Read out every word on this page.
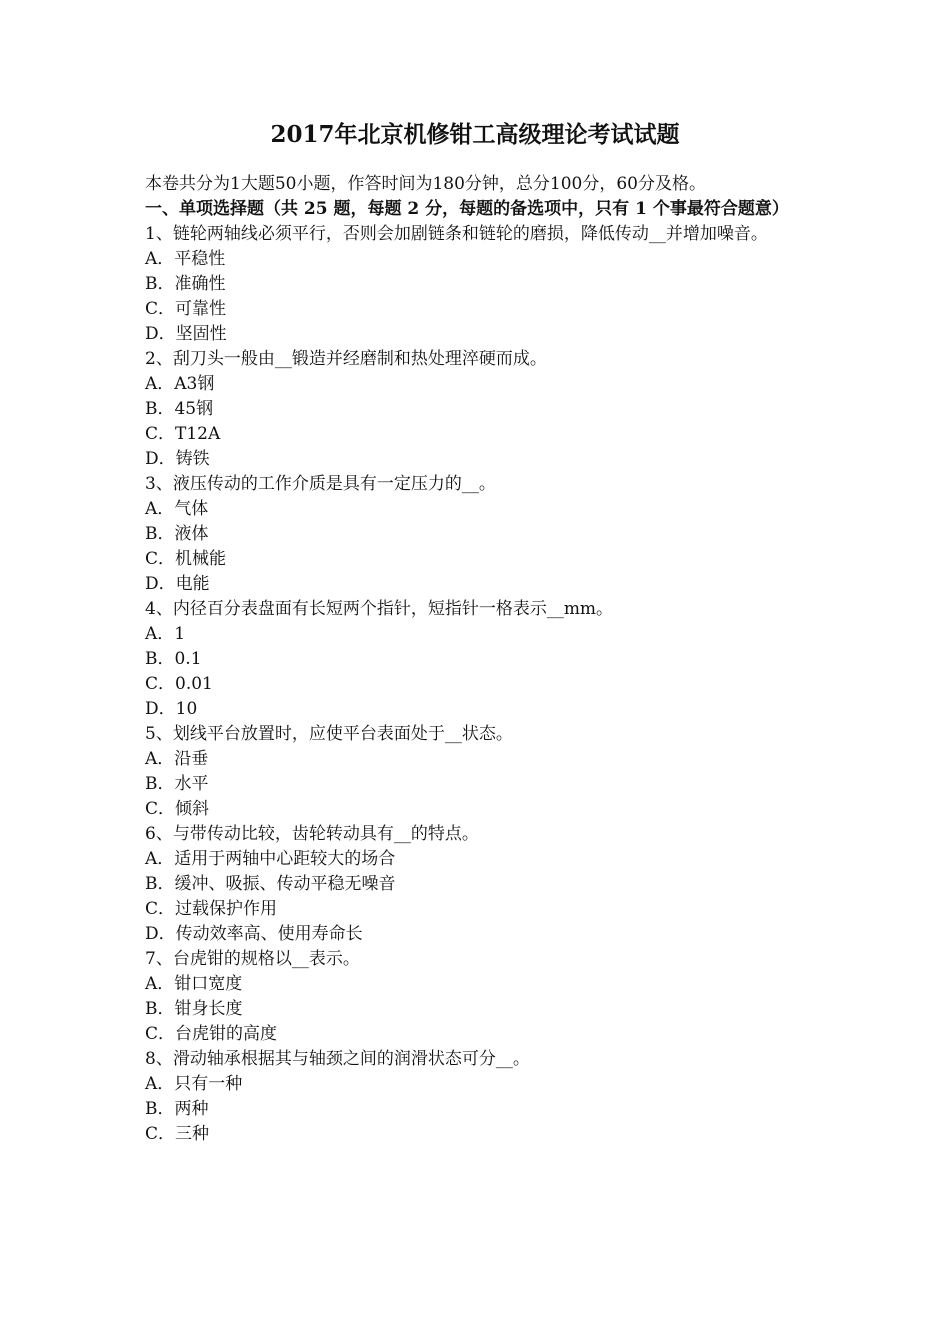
2017年北京机修钳工高级理论考试试题

本卷共分为1大题50小题，作答时间为180分钟，总分100分，60分及格。

一、单项选择题（共 25 题，每题 2 分，每题的备选项中，只有 1 个事最符合题意）

1、链轮两轴线必须平行，否则会加剧链条和链轮的磨损，降低传动__并增加噪音。

A．平稳性

B．准确性

C．可靠性

D．坚固性

2、刮刀头一般由__锻造并经磨制和热处理淬硬而成。

A．A3钢

B．45钢

C．T12A

D．铸铁

3、液压传动的工作介质是具有一定压力的__。

A．气体

B．液体

C．机械能

D．电能

4、内径百分表盘面有长短两个指针，短指针一格表示__mm。

A．1

B．0.1

C．0.01

D．10

5、划线平台放置时，应使平台表面处于__状态。

A．沿垂

B．水平

C．倾斜

6、与带传动比较，齿轮转动具有__的特点。

A．适用于两轴中心距较大的场合

B．缓冲、吸振、传动平稳无噪音

C．过载保护作用

D．传动效率高、使用寿命长

7、台虎钳的规格以__表示。

A．钳口宽度

B．钳身长度

C．台虎钳的高度

8、滑动轴承根据其与轴颈之间的润滑状态可分__。

A．只有一种

B．两种

C．三种
